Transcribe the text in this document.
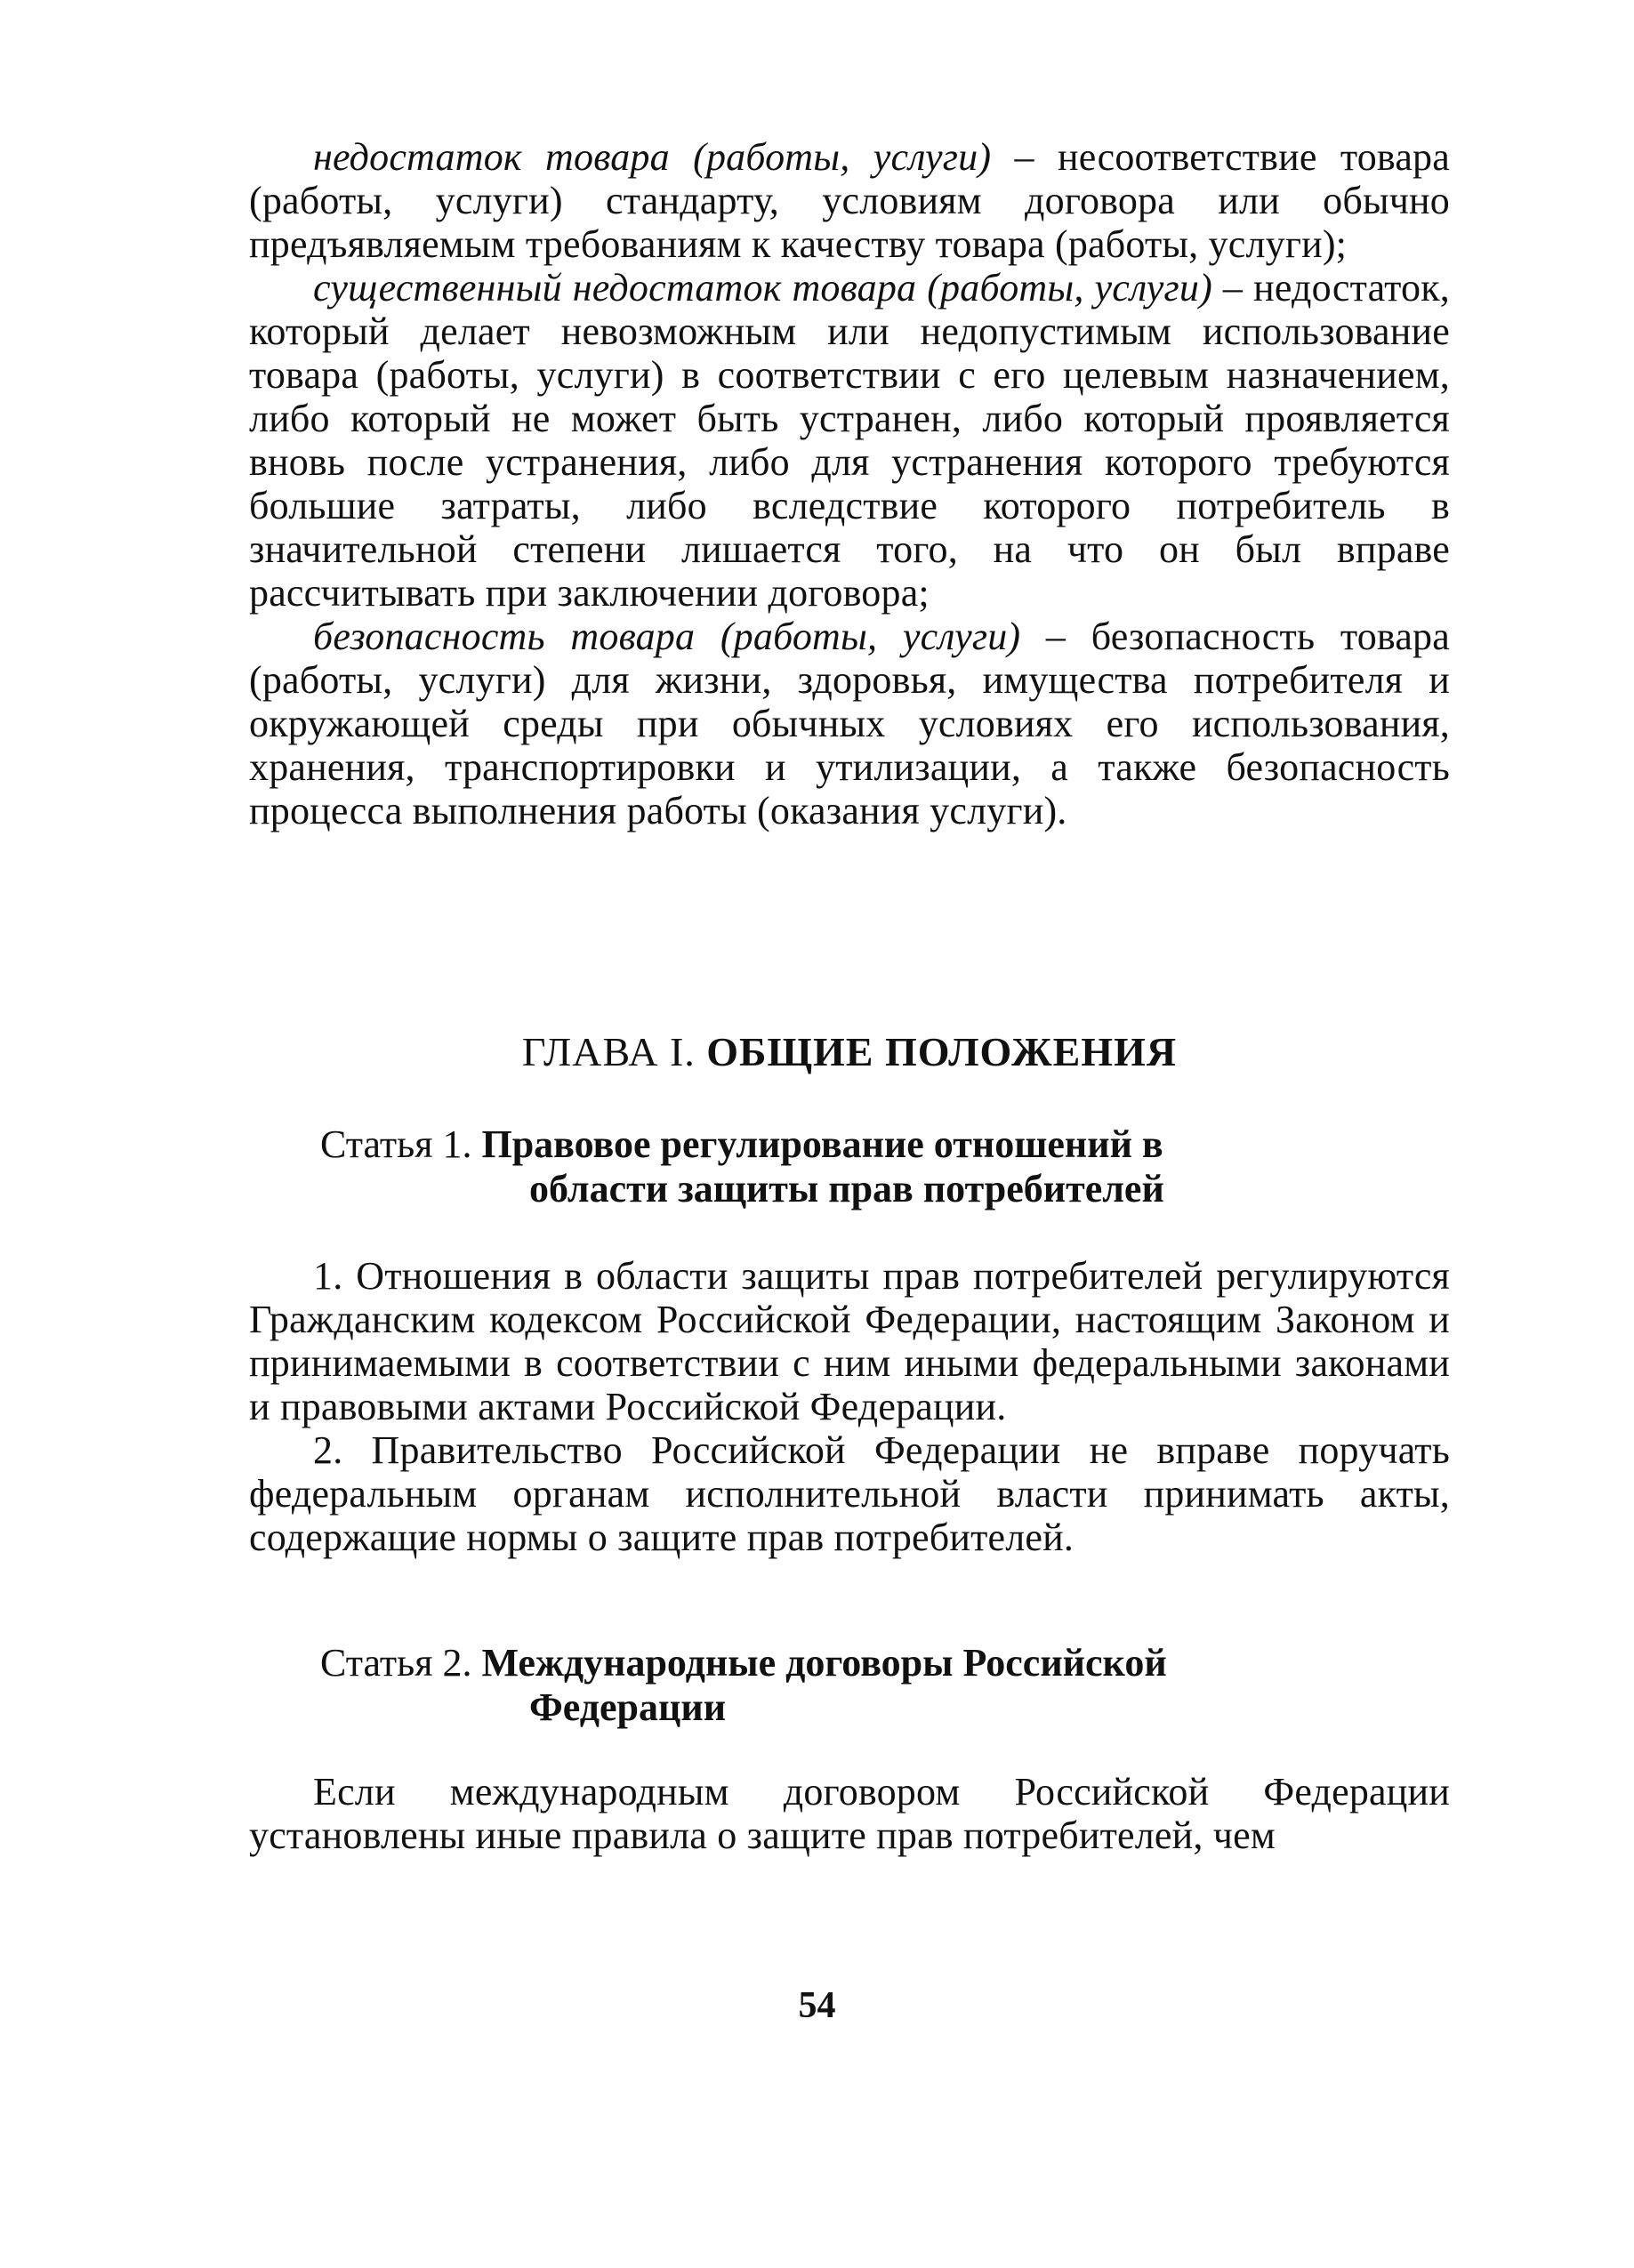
недостаток товара (работы, услуги) – несоответствие товара (работы, услуги) стандарту, условиям договора или обычно предъявляемым требованиям к качеству товара (работы, услуги);

существенный недостаток товара (работы, услуги) – недостаток, который делает невозможным или недопустимым использование товара (работы, услуги) в соответствии с его целевым назначением, либо который не может быть устранен, либо который проявляется вновь после устранения, либо для устранения которого требуются большие затраты, либо вследствие которого потребитель в значительной степени лишается того, на что он был вправе рассчитывать при заключении договора;

безопасность товара (работы, услуги) – безопасность товара (работы, услуги) для жизни, здоровья, имущества потребителя и окружающей среды при обычных условиях его использования, хранения, транспортировки и утилизации, а также безопасность процесса выполнения работы (оказания услуги).

ГЛАВА I. ОБЩИЕ ПОЛОЖЕНИЯ
Статья 1. Правовое регулирование отношений в
области защиты прав потребителей

1. Отношения в области защиты прав потребителей регулируются Гражданским кодексом Российской Федерации, настоящим Законом и принимаемыми в соответствии с ним иными федеральными законами и правовыми актами Российской Федерации.

2. Правительство Российской Федерации не вправе поручать федеральным органам исполнительной власти принимать акты, содержащие нормы о защите прав потребителей.

Статья 2. Международные договоры Российской
Федерации

Если международным договором Российской Федерации установлены иные правила о защите прав потребителей, чем

54
